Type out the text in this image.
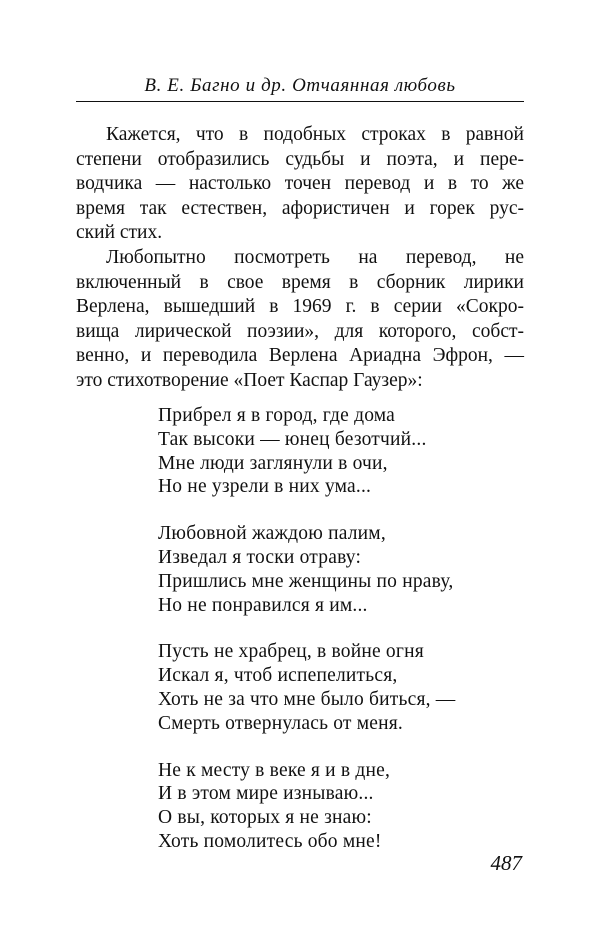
В. Е. Багно и др. Отчаянная любовь

Кажется, что в подобных строках в равной
степени отобразились судьбы и поэта, и пере-
водчика — настолько точен перевод и в то же
время так естествен, афористичен и горек рус-
ский стих.

Любопытно посмотреть на перевод, не
включенный в свое время в сборник лирики
Верлена, вышедший в 1969 г. в серии «Сокро-
вища лирической поэзии», для которого, собст-
венно, и переводила Верлена Ариадна Эфрон, —
это стихотворение «Поет Каспар Гаузер»:

Прибрел я в город, где дома
Так высоки — юнец безотчий...
Мне люди заглянули в очи,
Но не узрели в них ума...
Любовной жаждою палим,
Изведал я тоски отраву:
Пришлись мне женщины по нраву,
Но не понравился я им...
Пусть не храбрец, в войне огня
Искал я, чтоб испепелиться,
Хоть не за что мне было биться, —
Смерть отвернулась от меня.
Не к месту в веке я и в дне,
И в этом мире изнываю...
О вы, которых я не знаю:
Хоть помолитесь обо мне!
487
